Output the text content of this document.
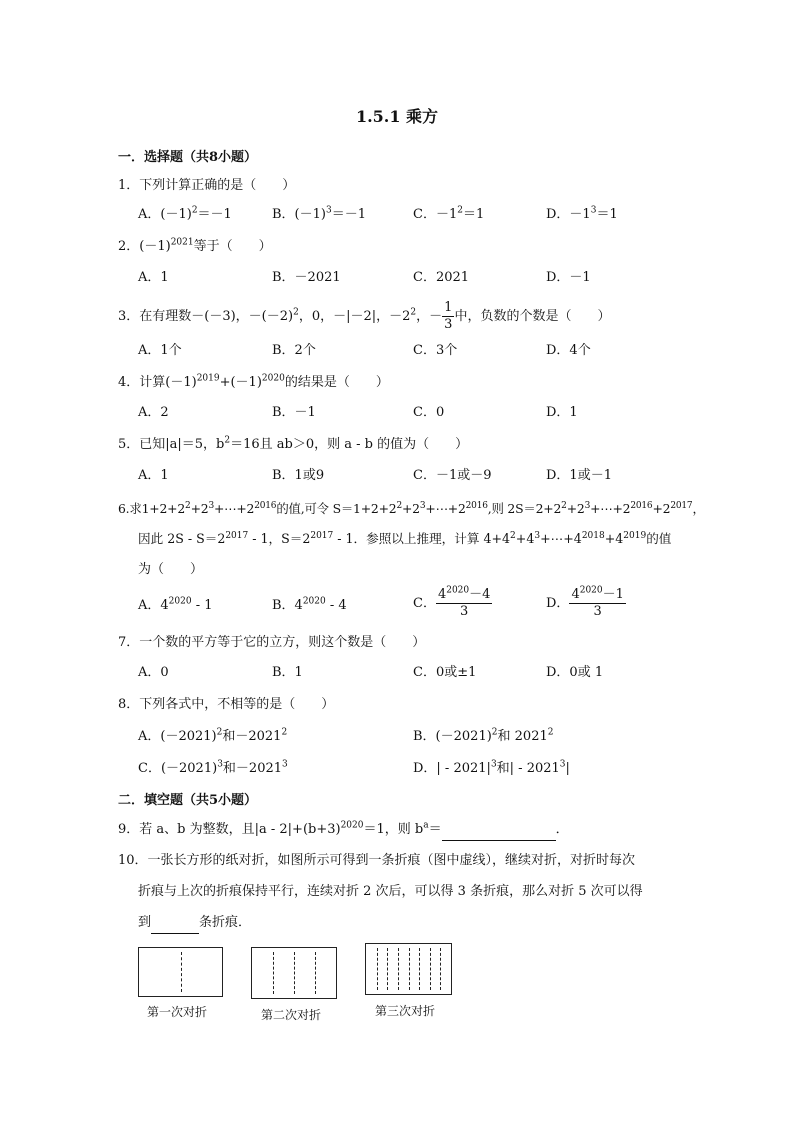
1.5.1 乘方
一．选择题（共8小题）
1．下列计算正确的是（　　）
A．$(-1)^2=-1$	B．$(-1)^3=-1$	C．$-1^2=1$	D．$-1^3=1$
2．$(-1)^{2021}$等于（　　）
A．1	B．－2021	C．2021	D．－1
3．在有理数－(－3)，$-(-2)^2$，0，－|－2|，$-2^2$，－ $\frac{1}{3}$ 中，负数的个数是（　　）
A．1个	B．2个	C．3个	D．4个
4．计算$(-1)^{2019}+(-1)^{2020}$的结果是（　　）
A．2	B．－1	C．0	D．1
5．已知|a|＝5，$b^2=16$且 ab＞0，则 a - b 的值为（　　）
A．1	B．1或9	C．－1或－9	D．1或－1
6.求$1+2+2^2+2^3+\cdots+2^{2016}$的值,可令 $S=1+2+2^2+2^3+\cdots+2^{2016}$,则 $2S=2+2^2+2^3+\cdots+2^{2016}+2^{2017}$，
因此 $2S - S=2^{2017} - 1$，$S=2^{2017} - 1$．参照以上推理，计算 $4+4^2+4^3+\cdots+4^{2018}+4^{2019}$的值
为（　　）
A．$4^{2020} - 1$	B．$4^{2020} - 4$	C． $\frac{4^{2020}-4}{3}$	D． $\frac{4^{2020}-1}{3}$
7．一个数的平方等于它的立方，则这个数是（　　）
A．0	B．1	C．0或±1	D．0或 1
8．下列各式中，不相等的是（　　）
A．$(-2021)^2$和$-2021^2$	B．$(-2021)^2$和 2021$^2$
C．$(-2021)^3$和$-2021^3$	D．| - $2021|^3$和| - 2021$^3$|
二．填空题（共5小题）
9．若 a、b 为整数，且$|a - 2|+(b+3)^{2020}=1$，则 $b^a=$	．
10．一张长方形的纸对折，如图所示可得到一条折痕（图中虚线），继续对折，对折时每次
折痕与上次的折痕保持平行，连续对折 2 次后，可以得 3 条折痕，那么对折 5 次可以得
到	条折痕．
第一次对折	第二次对折	第三次对折
